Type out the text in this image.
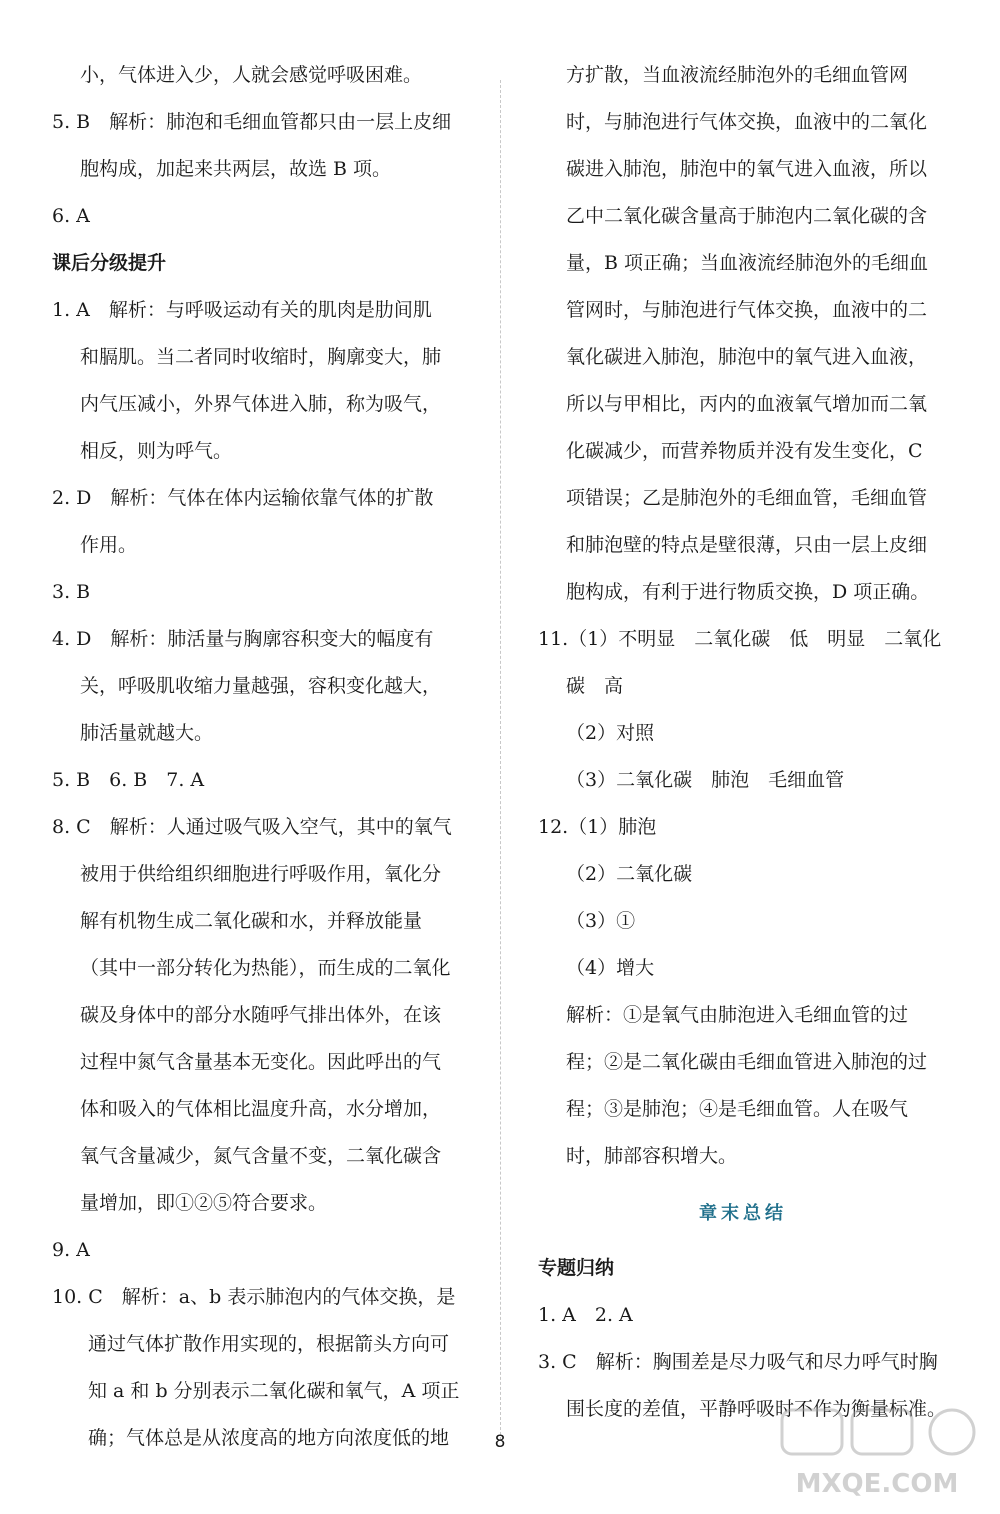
小，气体进入少，人就会感觉呼吸困难。
5. B　解析：肺泡和毛细血管都只由一层上皮细
胞构成，加起来共两层，故选 B 项。
6. A
课后分级提升
1. A　解析：与呼吸运动有关的肌肉是肋间肌
和膈肌。当二者同时收缩时，胸廓变大，肺
内气压减小，外界气体进入肺，称为吸气，
相反，则为呼气。
2. D　解析：气体在体内运输依靠气体的扩散
作用。
3. B
4. D　解析：肺活量与胸廓容积变大的幅度有
关，呼吸肌收缩力量越强，容积变化越大，
肺活量就越大。
5. B　6. B　7. A
8. C　解析：人通过吸气吸入空气，其中的氧气
被用于供给组织细胞进行呼吸作用，氧化分
解有机物生成二氧化碳和水，并释放能量
（其中一部分转化为热能），而生成的二氧化
碳及身体中的部分水随呼气排出体外，在该
过程中氮气含量基本无变化。因此呼出的气
体和吸入的气体相比温度升高，水分增加，
氧气含量减少，氮气含量不变，二氧化碳含
量增加，即①②⑤符合要求。
9. A
10. C　解析：a、b 表示肺泡内的气体交换，是
通过气体扩散作用实现的，根据箭头方向可
知 a 和 b 分别表示二氧化碳和氧气，A 项正
确；气体总是从浓度高的地方向浓度低的地
方扩散，当血液流经肺泡外的毛细血管网
时，与肺泡进行气体交换，血液中的二氧化
碳进入肺泡，肺泡中的氧气进入血液，所以
乙中二氧化碳含量高于肺泡内二氧化碳的含
量，B 项正确；当血液流经肺泡外的毛细血
管网时，与肺泡进行气体交换，血液中的二
氧化碳进入肺泡，肺泡中的氧气进入血液，
所以与甲相比，丙内的血液氧气增加而二氧
化碳减少，而营养物质并没有发生变化，C
项错误；乙是肺泡外的毛细血管，毛细血管
和肺泡壁的特点是壁很薄，只由一层上皮细
胞构成，有利于进行物质交换，D 项正确。
11.（1）不明显　二氧化碳　低　明显　二氧化
碳　高
（2）对照
（3）二氧化碳　肺泡　毛细血管
12.（1）肺泡
（2）二氧化碳
（3）①
（4）增大
解析：①是氧气由肺泡进入毛细血管的过
程；②是二氧化碳由毛细血管进入肺泡的过
程；③是肺泡；④是毛细血管。人在吸气
时，肺部容积增大。
章末总结
专题归纳
1. A　2. A
3. C　解析：胸围差是尽力吸气和尽力呼气时胸
围长度的差值，平静呼吸时不作为衡量标准。
8
MXQE.COM
